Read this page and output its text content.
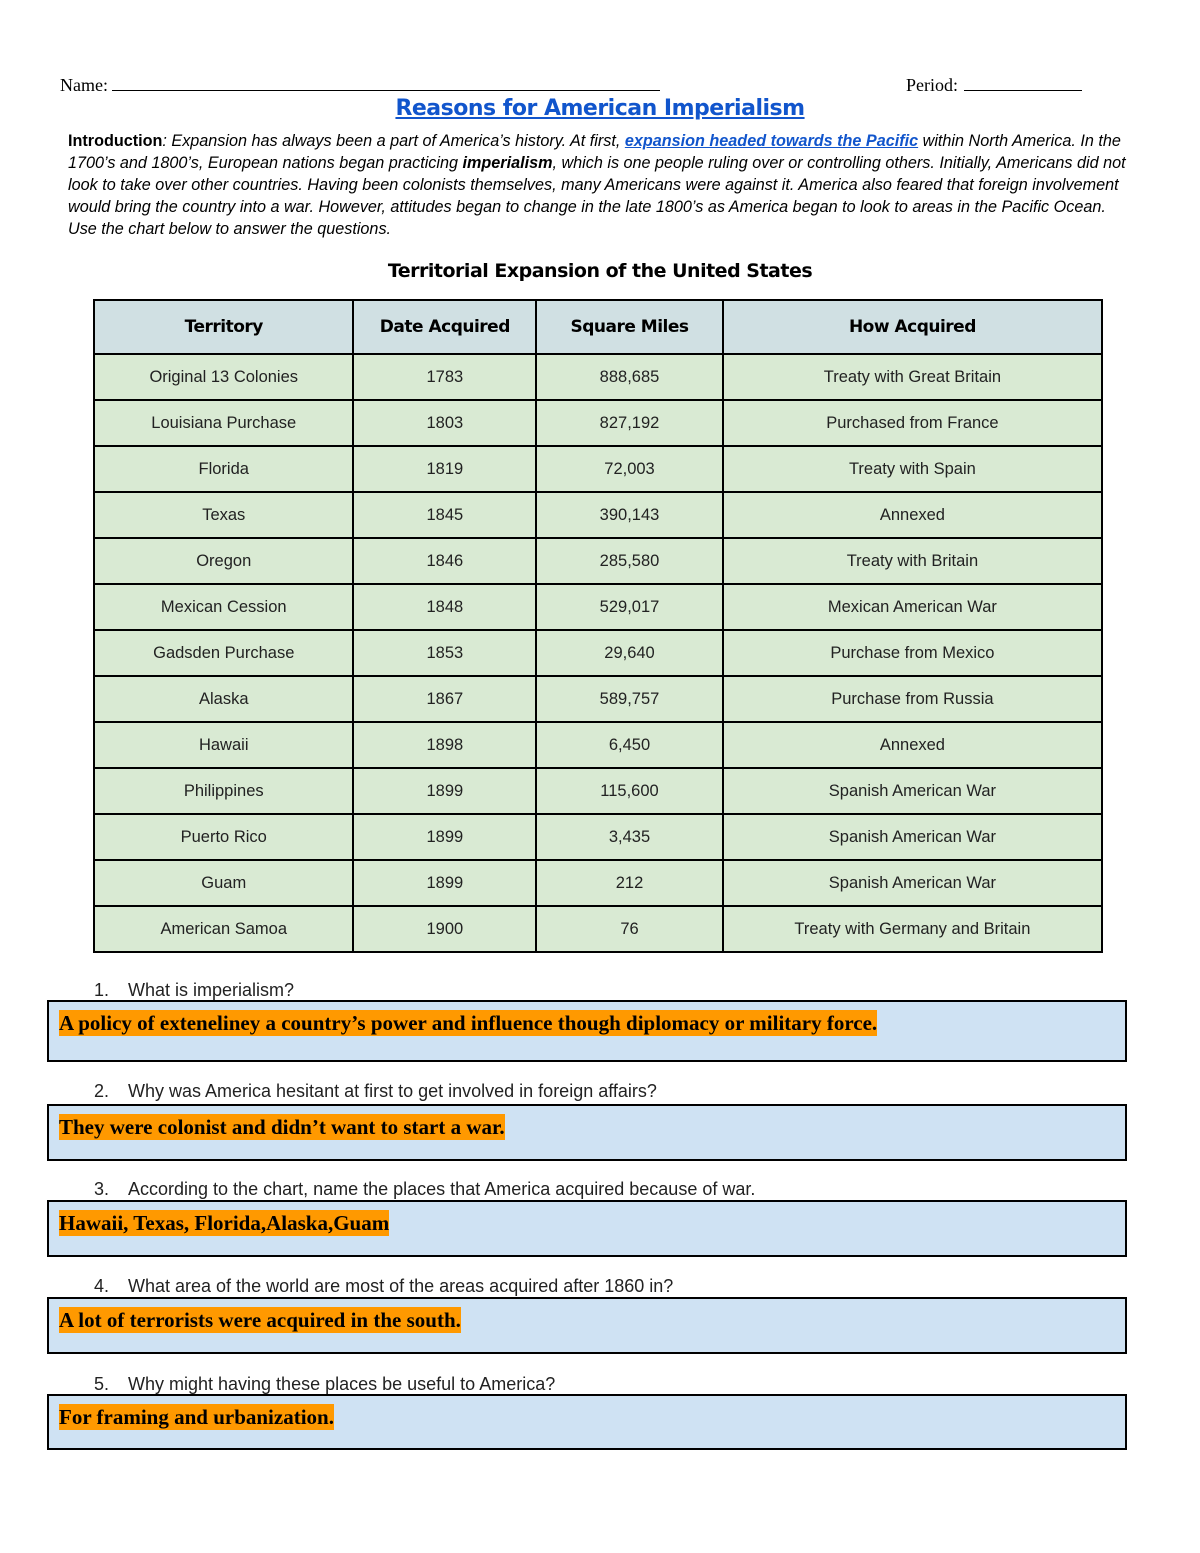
Name:	Period:
Reasons for American Imperialism
Introduction: Expansion has always been a part of America’s history. At first, expansion headed towards the Pacific within North America. In the 1700’s and 1800’s, European nations began practicing imperialism, which is one people ruling over or controlling others. Initially, Americans did not look to take over other countries. Having been colonists themselves, many Americans were against it. America also feared that foreign involvement would bring the country into a war. However, attitudes began to change in the late 1800’s as America began to look to areas in the Pacific Ocean. Use the chart below to answer the questions.
Territorial Expansion of the United States
Territory	Date Acquired	Square Miles	How Acquired
Original 13 Colonies	1783	888,685	Treaty with Great Britain
Louisiana Purchase	1803	827,192	Purchased from France
Florida	1819	72,003	Treaty with Spain
Texas	1845	390,143	Annexed
Oregon	1846	285,580	Treaty with Britain
Mexican Cession	1848	529,017	Mexican American War
Gadsden Purchase	1853	29,640	Purchase from Mexico
Alaska	1867	589,757	Purchase from Russia
Hawaii	1898	6,450	Annexed
Philippines	1899	115,600	Spanish American War
Puerto Rico	1899	3,435	Spanish American War
Guam	1899	212	Spanish American War
American Samoa	1900	76	Treaty with Germany and Britain
1. What is imperialism?
A policy of exteneliney a country’s power and influence though diplomacy or military force.
2. Why was America hesitant at first to get involved in foreign affairs?
They were colonist and didn’t want to start a war.
3. According to the chart, name the places that America acquired because of war.
Hawaii, Texas, Florida,Alaska,Guam
4. What area of the world are most of the areas acquired after 1860 in?
A lot of terrorists were acquired in the south.
5. Why might having these places be useful to America?
For framing and urbanization.
